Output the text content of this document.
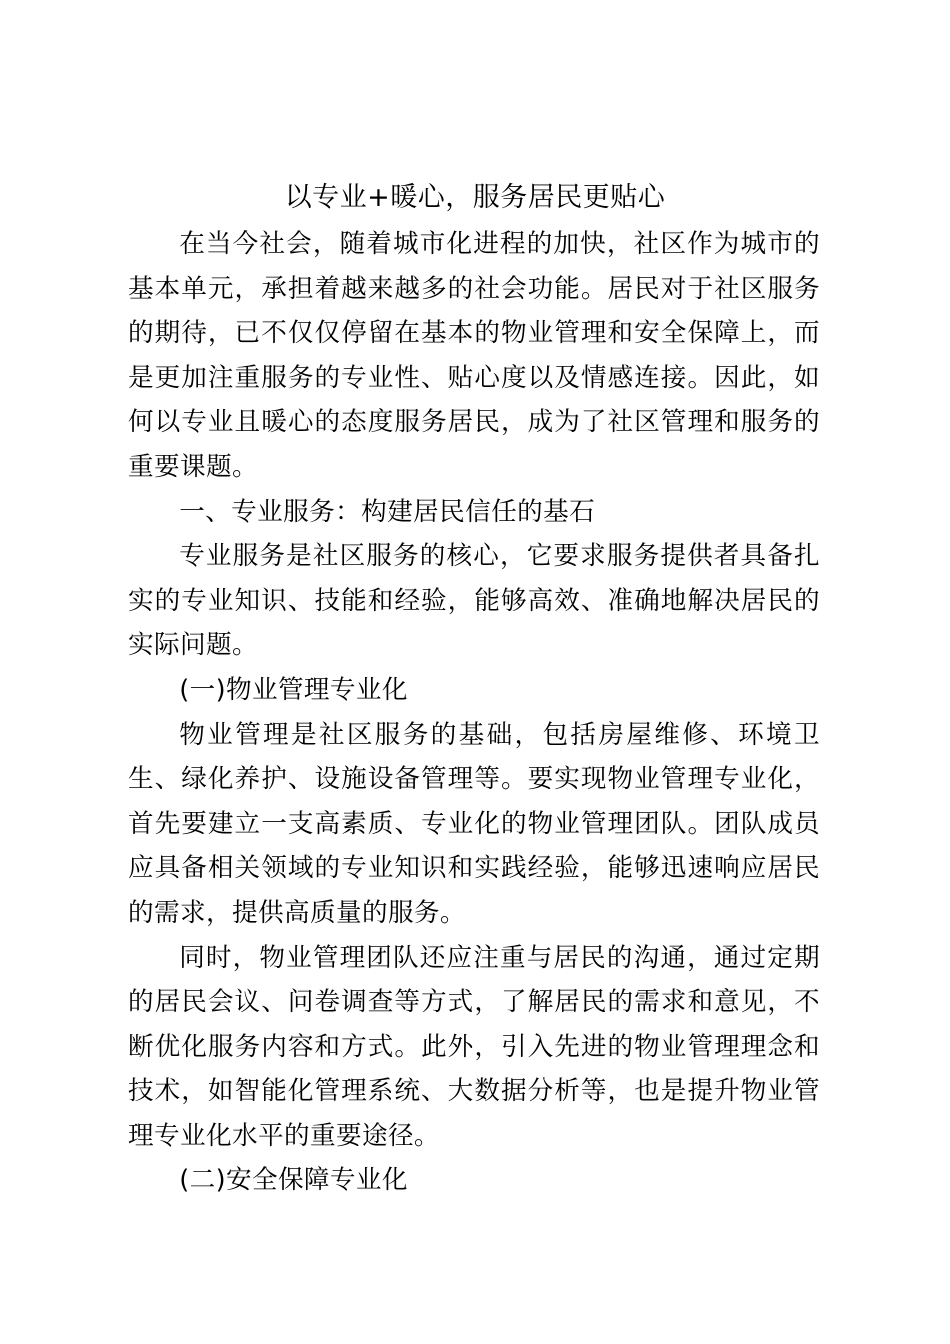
以专业+暖心，服务居民更贴心

在当今社会，随着城市化进程的加快，社区作为城市的基本单元，承担着越来越多的社会功能。居民对于社区服务的期待，已不仅仅停留在基本的物业管理和安全保障上，而是更加注重服务的专业性、贴心度以及情感连接。因此，如何以专业且暖心的态度服务居民，成为了社区管理和服务的重要课题。

一、专业服务：构建居民信任的基石

专业服务是社区服务的核心，它要求服务提供者具备扎实的专业知识、技能和经验，能够高效、准确地解决居民的实际问题。

(一)物业管理专业化

物业管理是社区服务的基础，包括房屋维修、环境卫生、绿化养护、设施设备管理等。要实现物业管理专业化，首先要建立一支高素质、专业化的物业管理团队。团队成员应具备相关领域的专业知识和实践经验，能够迅速响应居民的需求，提供高质量的服务。

同时，物业管理团队还应注重与居民的沟通，通过定期的居民会议、问卷调查等方式，了解居民的需求和意见，不断优化服务内容和方式。此外，引入先进的物业管理理念和技术，如智能化管理系统、大数据分析等，也是提升物业管理专业化水平的重要途径。

(二)安全保障专业化
